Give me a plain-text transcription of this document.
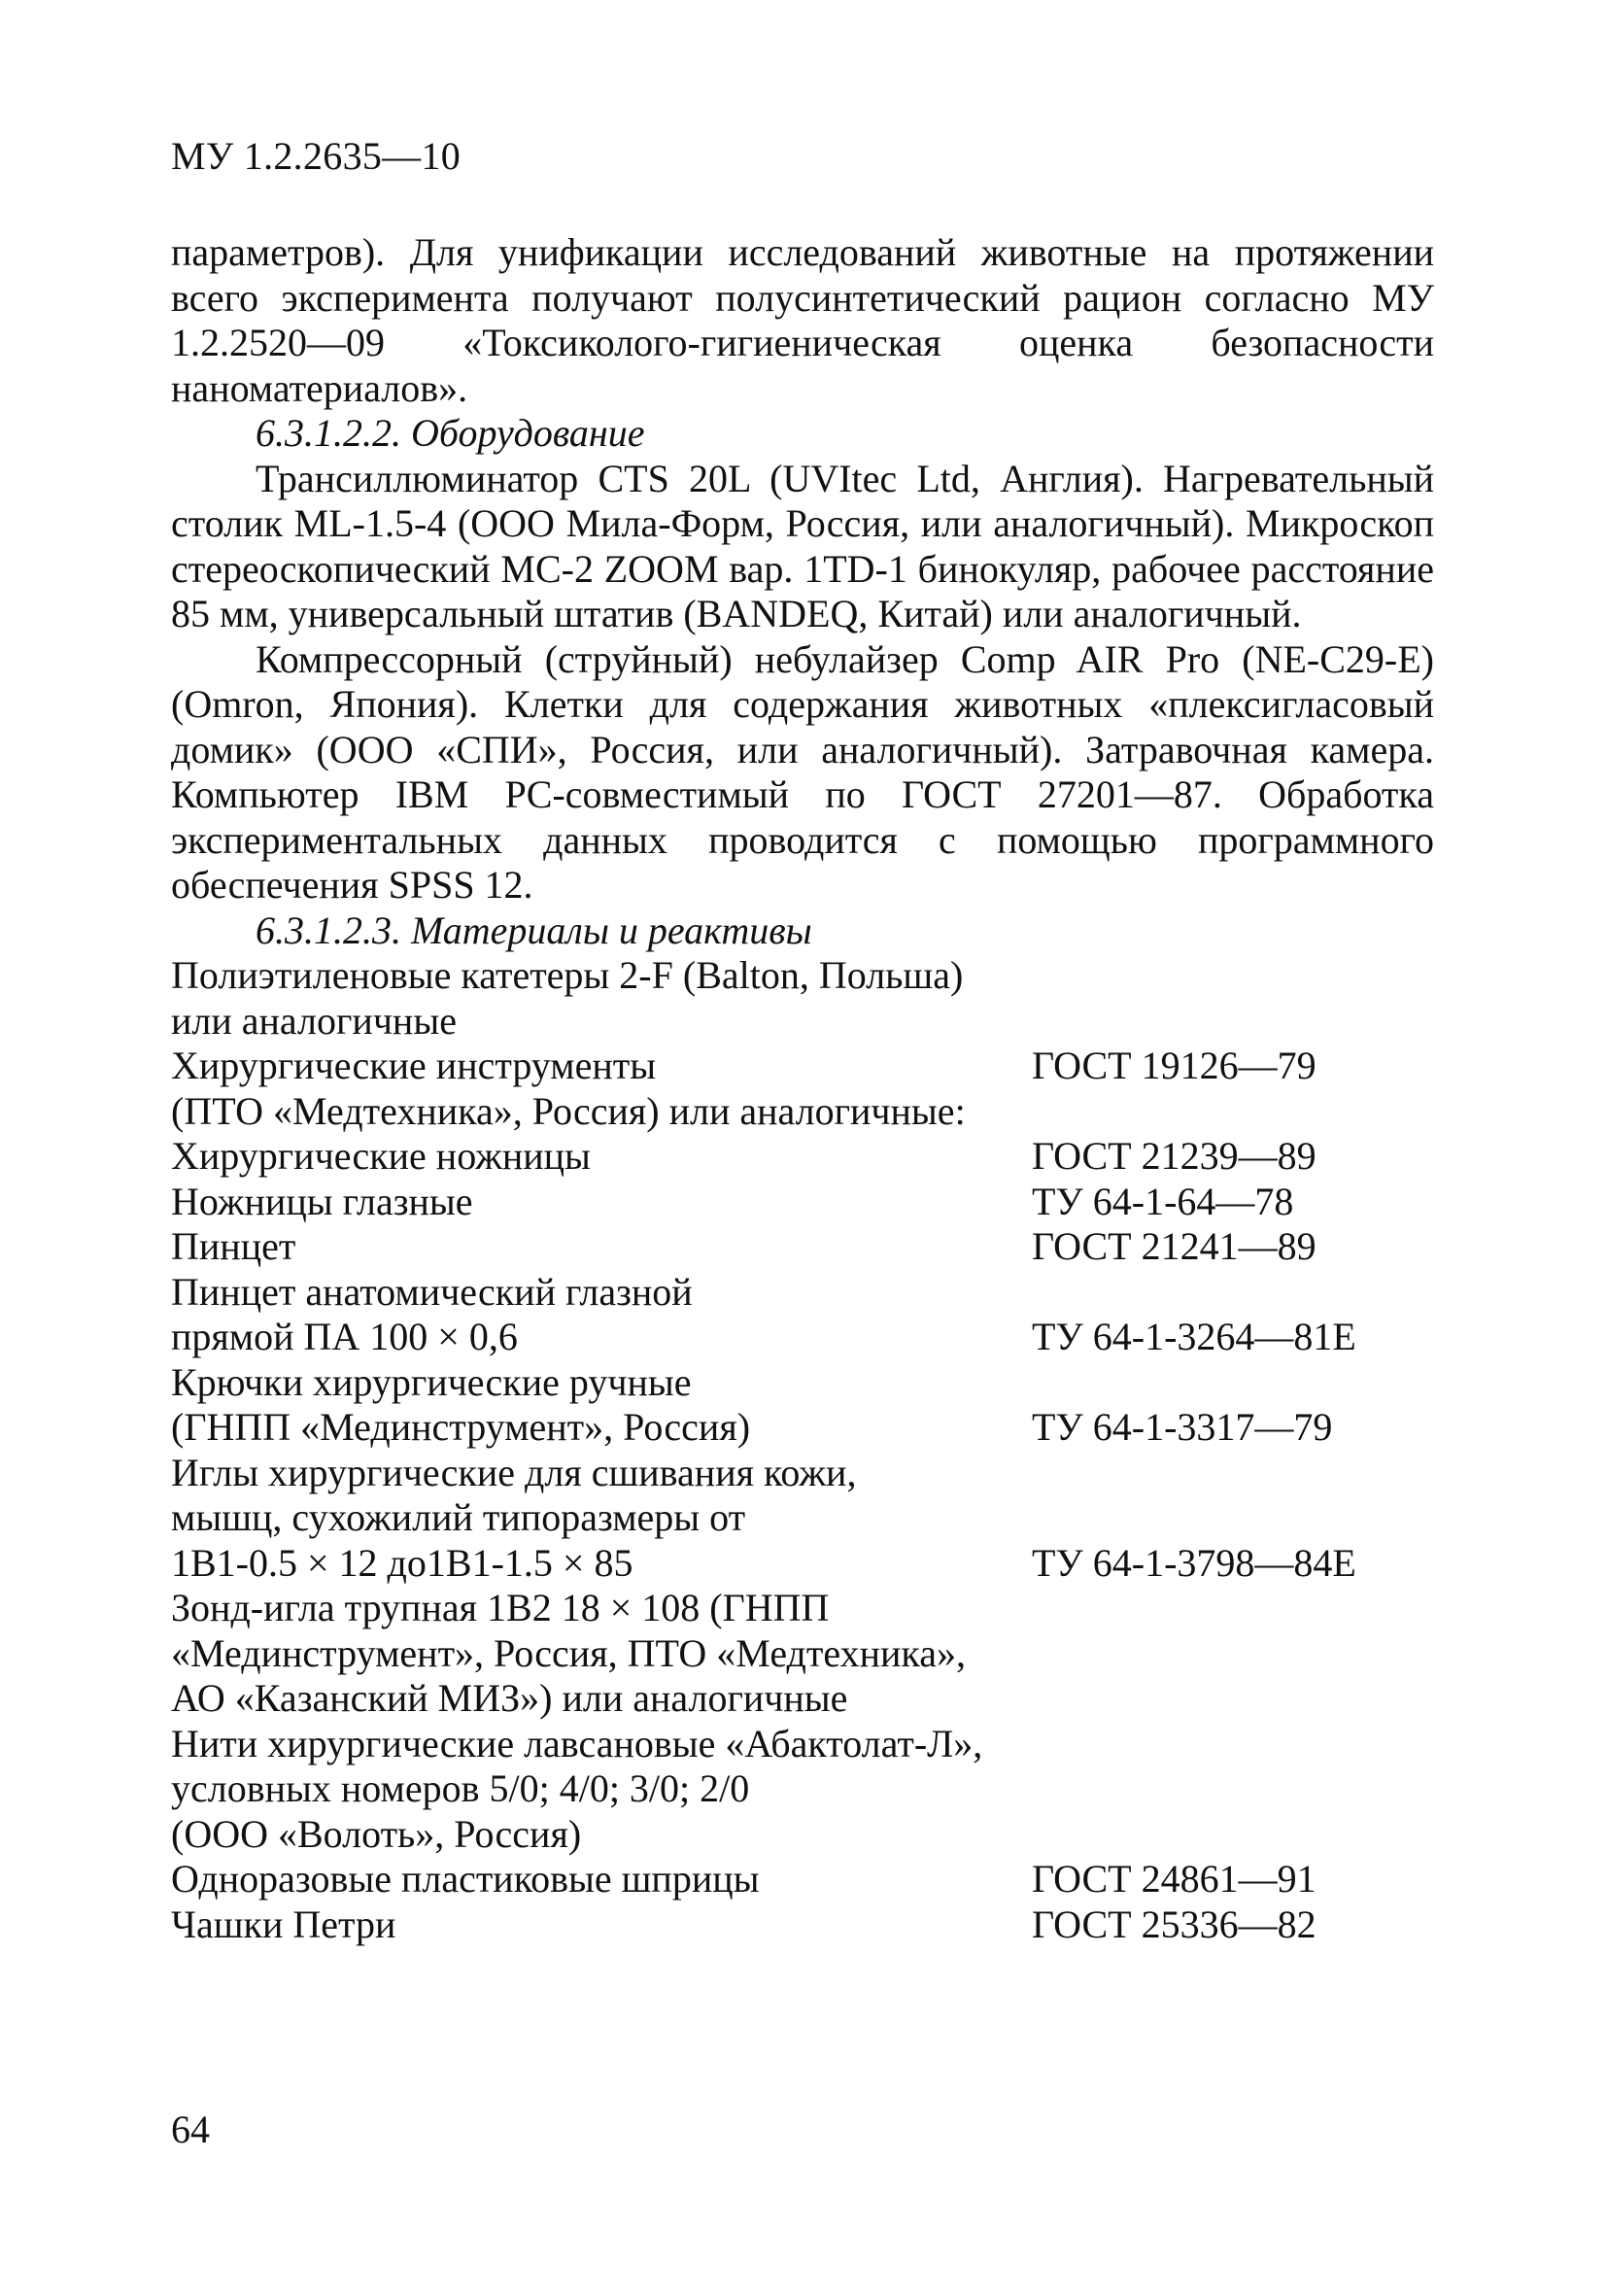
МУ 1.2.2635—10

параметров). Для унификации исследований животные на протяжении всего эксперимента получают полусинтетический рацион согласно МУ 1.2.2520—09 «Токсиколого-гигиеническая оценка безопасности наноматериалов».

6.3.1.2.2. Оборудование

Трансиллюминатор CTS 20L (UVItec Ltd, Англия). Нагревательный столик ML-1.5-4 (ООО Мила-Форм, Россия, или аналогичный). Микроскоп стереоскопический МС-2 ZOOM вар. 1TD-1 бинокуляр, рабочее расстояние 85 мм, универсальный штатив (BANDEQ, Китай) или аналогичный.

Компрессорный (струйный) небулайзер Comp AIR Pro (NE-C29-E) (Omron, Япония). Клетки для содержания животных «плексигласовый домик» (ООО «СПИ», Россия, или аналогичный). Затравочная камера. Компьютер IBM PC-совместимый по ГОСТ 27201—87. Обработка экспериментальных данных проводится с помощью программного обеспечения SPSS 12.

6.3.1.2.3. Материалы и реактивы

Полиэтиленовые катетеры 2-F (Balton, Польша)
или аналогичные
Хирургические инструменты	ГОСТ 19126—79
(ПТО «Медтехника», Россия) или аналогичные:
Хирургические ножницы	ГОСТ 21239—89
Ножницы глазные	ТУ 64-1-64—78
Пинцет	ГОСТ 21241—89
Пинцет анатомический глазной
прямой ПА 100 × 0,6	ТУ 64-1-3264—81Е
Крючки хирургические ручные
(ГНПП «Мединструмент», Россия)	ТУ 64-1-3317—79
Иглы хирургические для сшивания кожи,
мышц, сухожилий типоразмеры от
1В1-0.5 × 12 до1В1-1.5 × 85	ТУ 64-1-3798—84Е
Зонд-игла трупная 1В2 18 × 108 (ГНПП
«Мединструмент», Россия, ПТО «Медтехника»,
АО «Казанский МИЗ») или аналогичные
Нити хирургические лавсановые «Абактолат-Л»,
условных номеров 5/0; 4/0; 3/0; 2/0
(ООО «Волоть», Россия)
Одноразовые пластиковые шприцы	ГОСТ 24861—91
Чашки Петри	ГОСТ 25336—82
64
